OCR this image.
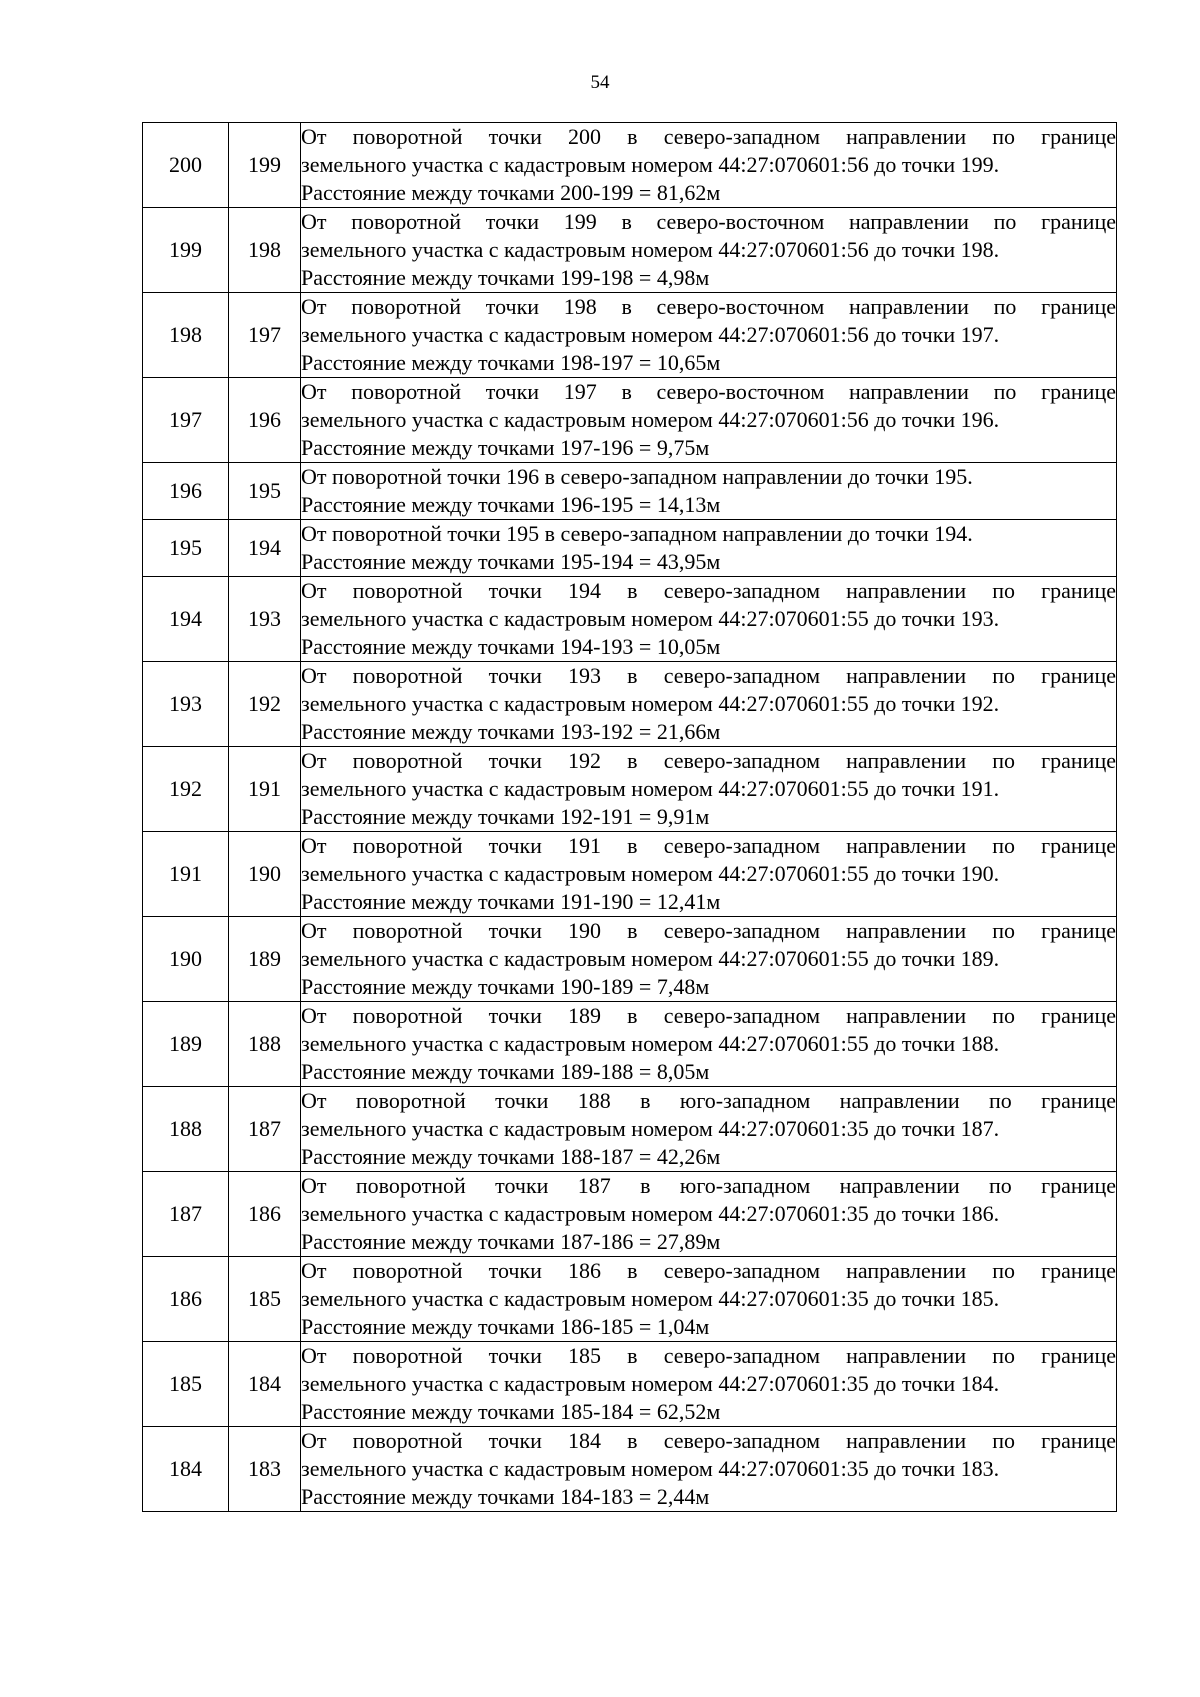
54
200	199	От поворотной точки 200 в северо-западном направлении по границе
земельного участка с кадастровым номером 44:27:070601:56 до точки 199.
Расстояние между точками 200-199 = 81,62м

199	198	От поворотной точки 199 в северо-восточном направлении по границе
земельного участка с кадастровым номером 44:27:070601:56 до точки 198.
Расстояние между точками 199-198 = 4,98м

198	197	От поворотной точки 198 в северо-восточном направлении по границе
земельного участка с кадастровым номером 44:27:070601:56 до точки 197.
Расстояние между точками 198-197 = 10,65м

197	196	От поворотной точки 197 в северо-восточном направлении по границе
земельного участка с кадастровым номером 44:27:070601:56 до точки 196.
Расстояние между точками 197-196 = 9,75м

196	195	От поворотной точки 196 в северо-западном направлении до точки 195.
Расстояние между точками 196-195 = 14,13м

195	194	От поворотной точки 195 в северо-западном направлении до точки 194.
Расстояние между точками 195-194 = 43,95м

194	193	От поворотной точки 194 в северо-западном направлении по границе
земельного участка с кадастровым номером 44:27:070601:55 до точки 193.
Расстояние между точками 194-193 = 10,05м

193	192	От поворотной точки 193 в северо-западном направлении по границе
земельного участка с кадастровым номером 44:27:070601:55 до точки 192.
Расстояние между точками 193-192 = 21,66м

192	191	От поворотной точки 192 в северо-западном направлении по границе
земельного участка с кадастровым номером 44:27:070601:55 до точки 191.
Расстояние между точками 192-191 = 9,91м

191	190	От поворотной точки 191 в северо-западном направлении по границе
земельного участка с кадастровым номером 44:27:070601:55 до точки 190.
Расстояние между точками 191-190 = 12,41м

190	189	От поворотной точки 190 в северо-западном направлении по границе
земельного участка с кадастровым номером 44:27:070601:55 до точки 189.
Расстояние между точками 190-189 = 7,48м

189	188	От поворотной точки 189 в северо-западном направлении по границе
земельного участка с кадастровым номером 44:27:070601:55 до точки 188.
Расстояние между точками 189-188 = 8,05м

188	187	От поворотной точки 188 в юго-западном направлении по границе
земельного участка с кадастровым номером 44:27:070601:35 до точки 187.
Расстояние между точками 188-187 = 42,26м

187	186	От поворотной точки 187 в юго-западном направлении по границе
земельного участка с кадастровым номером 44:27:070601:35 до точки 186.
Расстояние между точками 187-186 = 27,89м

186	185	От поворотной точки 186 в северо-западном направлении по границе
земельного участка с кадастровым номером 44:27:070601:35 до точки 185.
Расстояние между точками 186-185 = 1,04м

185	184	От поворотной точки 185 в северо-западном направлении по границе
земельного участка с кадастровым номером 44:27:070601:35 до точки 184.
Расстояние между точками 185-184 = 62,52м

184	183	От поворотной точки 184 в северо-западном направлении по границе
земельного участка с кадастровым номером 44:27:070601:35 до точки 183.
Расстояние между точками 184-183 = 2,44м
